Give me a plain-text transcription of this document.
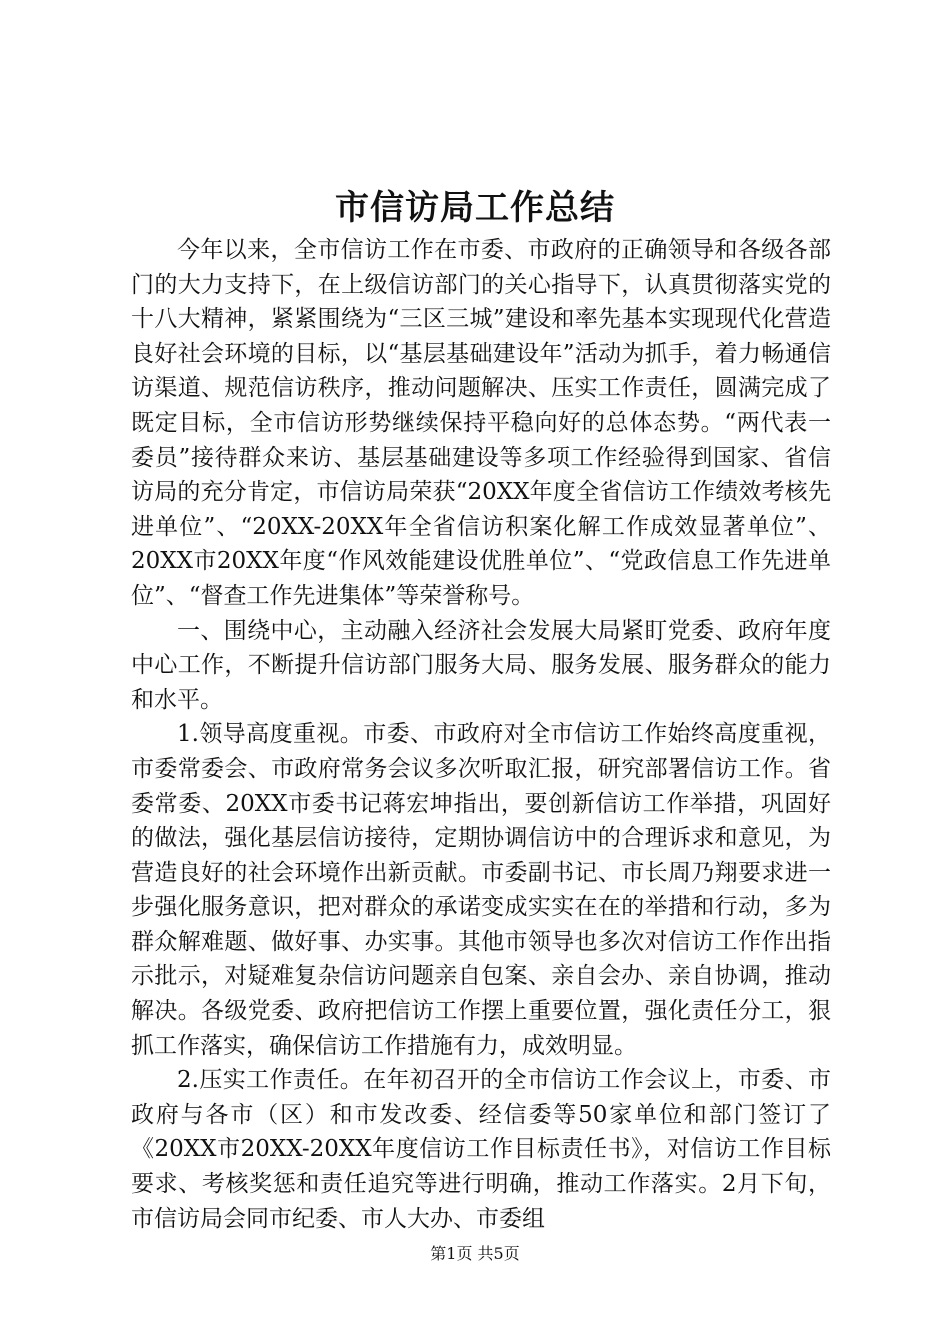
市信访局工作总结

今年以来，全市信访工作在市委、市政府的正确领导和各级各部门的大力支持下，在上级信访部门的关心指导下，认真贯彻落实党的十八大精神，紧紧围绕为“三区三城”建设和率先基本实现现代化营造良好社会环境的目标，以“基层基础建设年”活动为抓手，着力畅通信访渠道、规范信访秩序，推动问题解决、压实工作责任，圆满完成了既定目标，全市信访形势继续保持平稳向好的总体态势。“两代表一委员”接待群众来访、基层基础建设等多项工作经验得到国家、省信访局的充分肯定，市信访局荣获“20XX年度全省信访工作绩效考核先进单位”、“20XX-20XX年全省信访积案化解工作成效显著单位”、20XX市20XX年度“作风效能建设优胜单位”、“党政信息工作先进单位”、“督查工作先进集体”等荣誉称号。

一、围绕中心，主动融入经济社会发展大局紧盯党委、政府年度中心工作，不断提升信访部门服务大局、服务发展、服务群众的能力和水平。

1.领导高度重视。市委、市政府对全市信访工作始终高度重视，市委常委会、市政府常务会议多次听取汇报，研究部署信访工作。省委常委、20XX市委书记蒋宏坤指出，要创新信访工作举措，巩固好的做法，强化基层信访接待，定期协调信访中的合理诉求和意见，为营造良好的社会环境作出新贡献。市委副书记、市长周乃翔要求进一步强化服务意识，把对群众的承诺变成实实在在的举措和行动，多为群众解难题、做好事、办实事。其他市领导也多次对信访工作作出指示批示，对疑难复杂信访问题亲自包案、亲自会办、亲自协调，推动解决。各级党委、政府把信访工作摆上重要位置，强化责任分工，狠抓工作落实，确保信访工作措施有力，成效明显。

2.压实工作责任。在年初召开的全市信访工作会议上，市委、市政府与各市（区）和市发改委、经信委等50家单位和部门签订了《20XX市20XX-20XX年度信访工作目标责任书》，对信访工作目标要求、考核奖惩和责任追究等进行明确，推动工作落实。2月下旬，市信访局会同市纪委、市人大办、市委组

第1页 共5页
